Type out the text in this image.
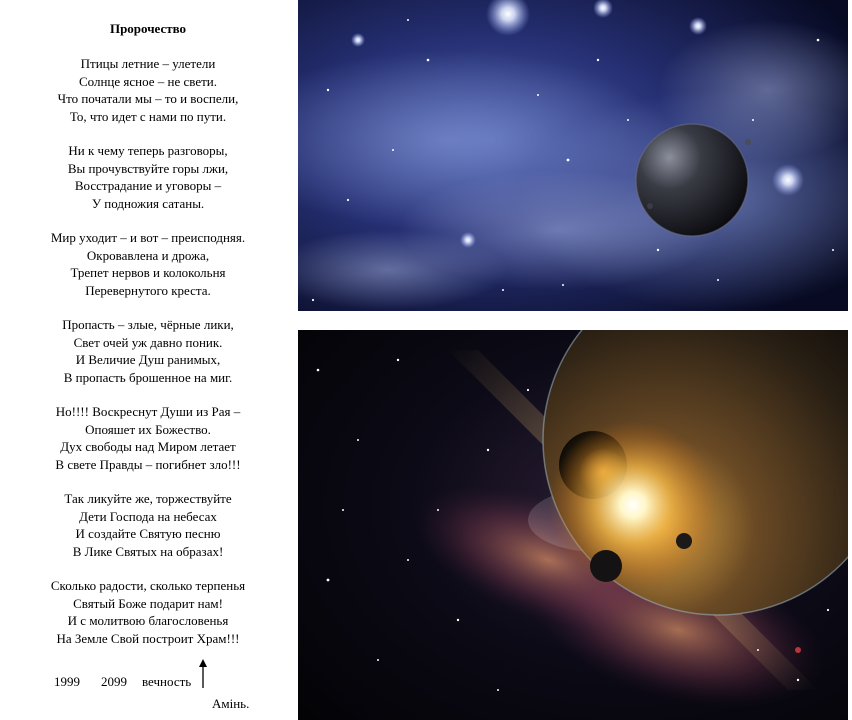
Пророчество
Птицы летние – улетели
Солнце ясное – не свети.
Что початали мы – то и воспели,
То, что идет с нами по пути.
Ни к чему теперь разговоры,
Вы прочувствуйте горы лжи,
Восстрадание и уговоры –
У подножия сатаны.
Мир уходит – и вот – преисподняя.
Окровавлена и дрожа,
Трепет нервов и колокольня
Перевернутого креста.
Пропасть – злые, чёрные лики,
Свет очей уж давно поник.
И Величие Душ ранимых,
В пропасть брошенное на миг.
Но!!!! Воскреснут Души из Рая –
Опояшет их Божество.
Дух свободы над Миром летает
В свете Правды – погибнет зло!!!
Так ликуйте же, торжествуйте
Дети Господа на небесах
И создайте Святую песню
В Лике Святых на образах!
Сколько радости, сколько терпенья
Святый Боже подарит нам!
И с молитвою благословенья
На Земле Свой построит Храм!!!
1999 2099 вечность
Амінь.
